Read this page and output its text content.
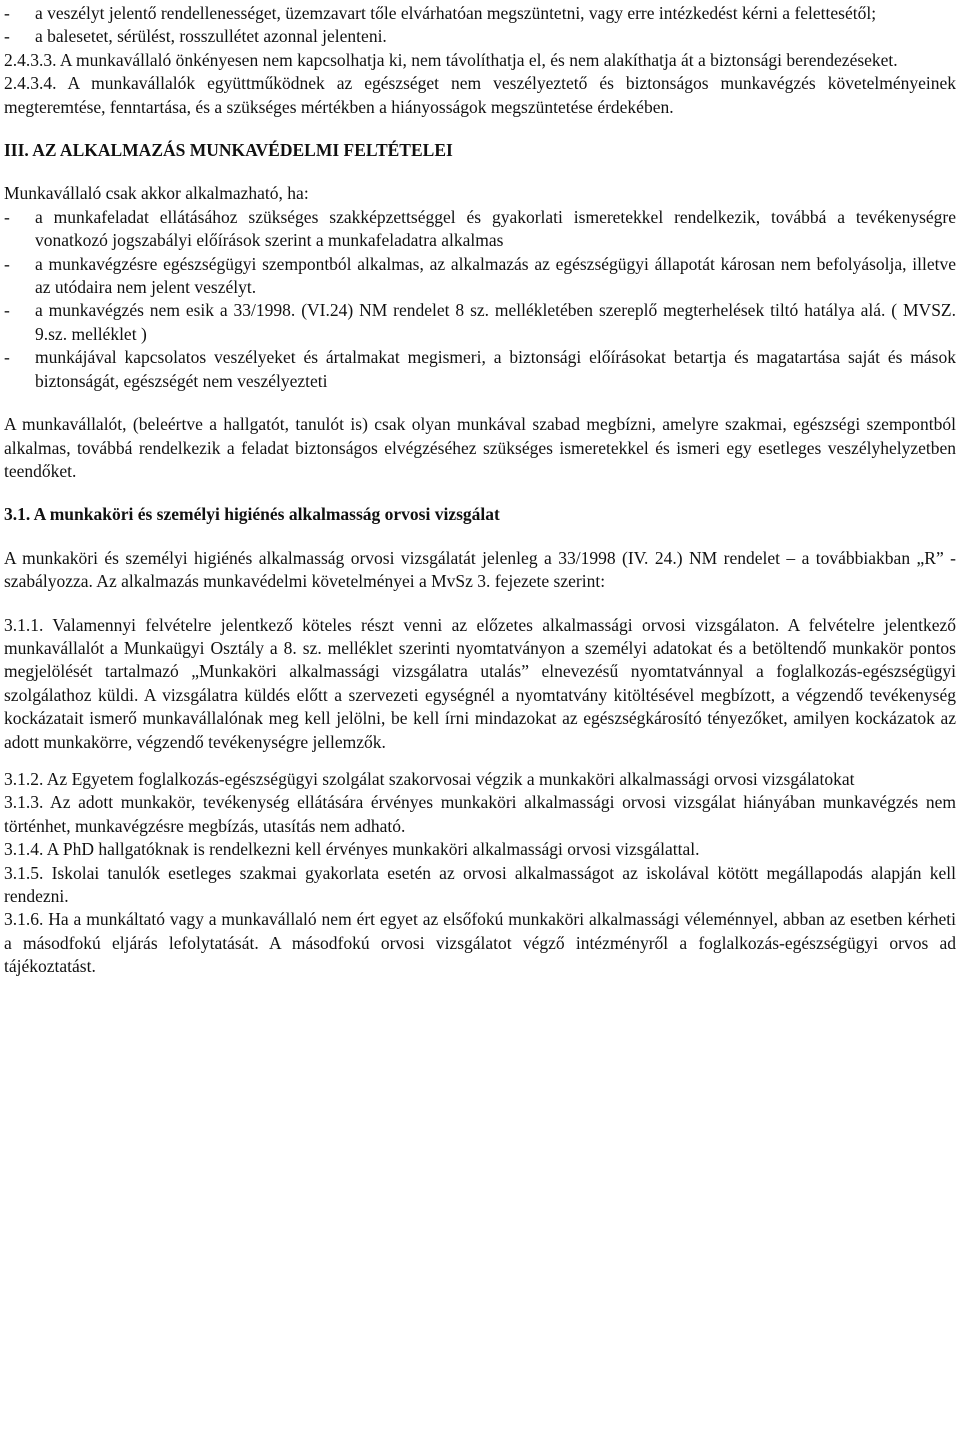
- a veszélyt jelentő rendellenességet, üzemzavart tőle elvárhatóan megszüntetni, vagy erre intézkedést kérni a felettesétől;

- a balesetet, sérülést, rosszullétet azonnal jelenteni.

2.4.3.3. A munkavállaló önkényesen nem kapcsolhatja ki, nem távolíthatja el, és nem alakíthatja át a biztonsági berendezéseket.

2.4.3.4. A munkavállalók együttműködnek az egészséget nem veszélyeztető és biztonságos munkavégzés követelményeinek megteremtése, fenntartása, és a szükséges mértékben a hiányosságok megszüntetése érdekében.

III. AZ ALKALMAZÁS MUNKAVÉDELMI FELTÉTELEI

Munkavállaló csak akkor alkalmazható, ha:

- a munkafeladat ellátásához szükséges szakképzettséggel és gyakorlati ismeretekkel rendelkezik, továbbá a tevékenységre vonatkozó jogszabályi előírások szerint a munkafeladatra alkalmas

- a munkavégzésre egészségügyi szempontból alkalmas, az alkalmazás az egészségügyi állapotát károsan nem befolyásolja, illetve az utódaira nem jelent veszélyt.

- a munkavégzés nem esik a 33/1998. (VI.24) NM rendelet 8 sz. mellékletében szereplő megterhelések tiltó hatálya alá. ( MVSZ. 9.sz. melléklet )

- munkájával kapcsolatos veszélyeket és ártalmakat megismeri, a biztonsági előírásokat betartja és magatartása saját és mások biztonságát, egészségét nem veszélyezteti

A munkavállalót, (beleértve a hallgatót, tanulót is) csak olyan munkával szabad megbízni, amelyre szakmai, egészségi szempontból alkalmas, továbbá rendelkezik a feladat biztonságos elvégzéséhez szükséges ismeretekkel és ismeri egy esetleges veszélyhelyzetben teendőket.

3.1. A munkaköri és személyi higiénés alkalmasság orvosi vizsgálat

A munkaköri és személyi higiénés alkalmasság orvosi vizsgálatát jelenleg a 33/1998 (IV. 24.) NM rendelet – a továbbiakban „R” - szabályozza. Az alkalmazás munkavédelmi követelményei a MvSz 3. fejezete szerint:

3.1.1. Valamennyi felvételre jelentkező köteles részt venni az előzetes alkalmassági orvosi vizsgálaton. A felvételre jelentkező munkavállalót a Munkaügyi Osztály a 8. sz. melléklet szerinti nyomtatványon a személyi adatokat és a betöltendő munkakör pontos megjelölését tartalmazó „Munkaköri alkalmassági vizsgálatra utalás” elnevezésű nyomtatvánnyal a foglalkozás-egészségügyi szolgálathoz küldi. A vizsgálatra küldés előtt a szervezeti egységnél a nyomtatvány kitöltésével megbízott, a végzendő tevékenység kockázatait ismerő munkavállalónak meg kell jelölni, be kell írni mindazokat az egészségkárosító tényezőket, amilyen kockázatok az adott munkakörre, végzendő tevékenységre jellemzők.

3.1.2. Az Egyetem foglalkozás-egészségügyi szolgálat szakorvosai végzik a munkaköri alkalmassági orvosi vizsgálatokat

3.1.3. Az adott munkakör, tevékenység ellátására érvényes munkaköri alkalmassági orvosi vizsgálat hiányában munkavégzés nem történhet, munkavégzésre megbízás, utasítás nem adható.

3.1.4. A PhD hallgatóknak is rendelkezni kell érvényes munkaköri alkalmassági orvosi vizsgálattal.

3.1.5. Iskolai tanulók esetleges szakmai gyakorlata esetén az orvosi alkalmasságot az iskolával kötött megállapodás alapján kell rendezni.

3.1.6. Ha a munkáltató vagy a munkavállaló nem ért egyet az elsőfokú munkaköri alkalmassági véleménnyel, abban az esetben kérheti a másodfokú eljárás lefolytatását. A másodfokú orvosi vizsgálatot végző intézményről a foglalkozás-egészségügyi orvos ad tájékoztatást.
